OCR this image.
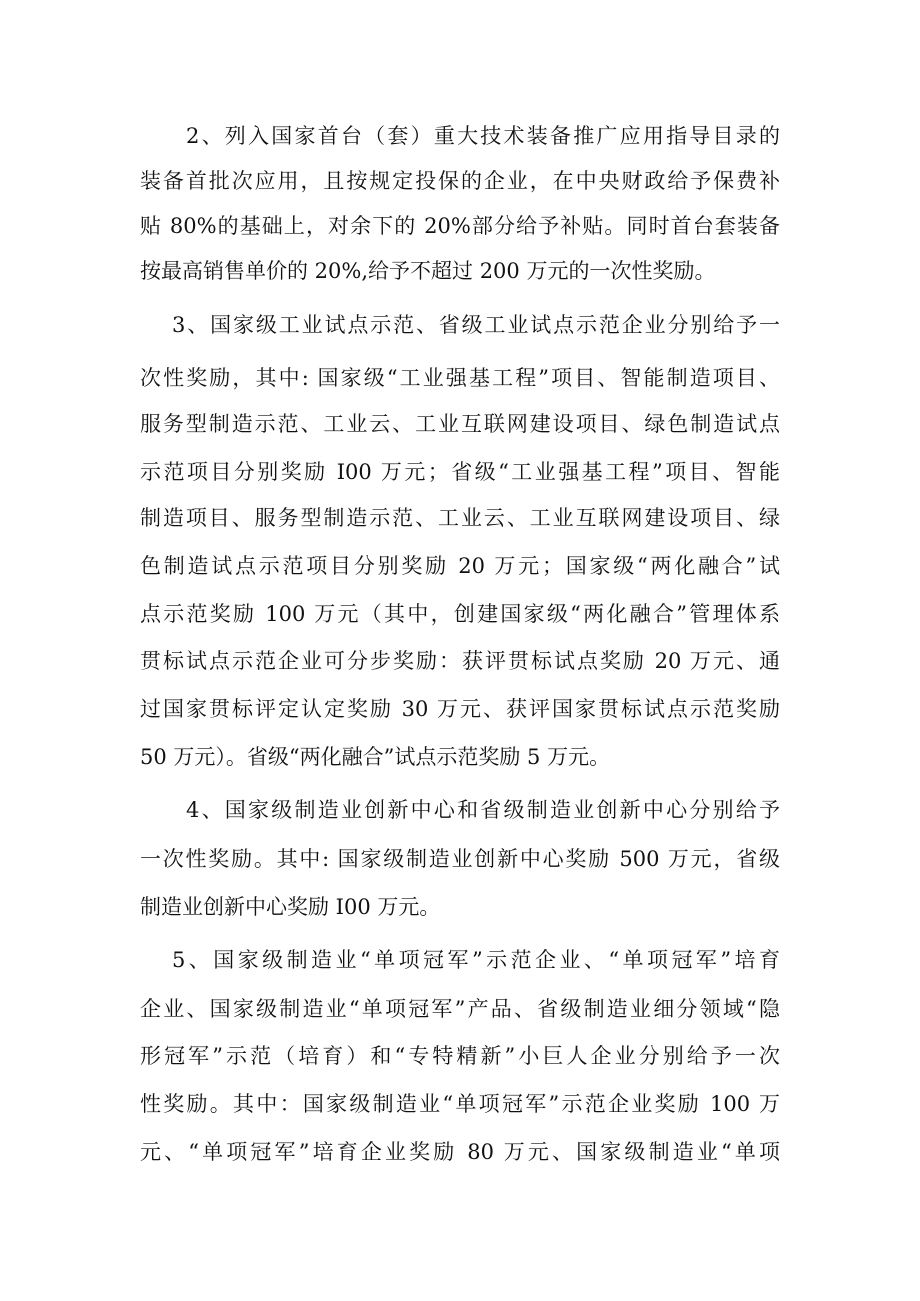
2、列入国家首台（套）重大技术装备推广应用指导目录的
装备首批次应用，且按规定投保的企业，在中央财政给予保费补
贴 80%的基础上，对余下的 20%部分给予补贴。同时首台套装备
按最高销售单价的 20%,给予不超过 200 万元的一次性奖励。
3、国家级工业试点示范、省级工业试点示范企业分别给予一
次性奖励，其中: 国家级“工业强基工程”项目、智能制造项目、
服务型制造示范、工业云、工业互联网建设项目、绿色制造试点
示范项目分别奖励 I00 万元；省级“工业强基工程”项目、智能
制造项目、服务型制造示范、工业云、工业互联网建设项目、绿
色制造试点示范项目分别奖励 20 万元；国家级“两化融合”试
点示范奖励 100 万元（其中，创建国家级“两化融合”管理体系
贯标试点示范企业可分步奖励：获评贯标试点奖励 20 万元、通
过国家贯标评定认定奖励 30 万元、获评国家贯标试点示范奖励
50 万元）。省级“两化融合”试点示范奖励 5 万元。
4、国家级制造业创新中心和省级制造业创新中心分别给予
一次性奖励。其中: 国家级制造业创新中心奖励 500 万元，省级
制造业创新中心奖励 I00 万元。
5、国家级制造业“单项冠军”示范企业、“单项冠军”培育
企业、国家级制造业“单项冠军”产品、省级制造业细分领域“隐
形冠军”示范（培育）和“专特精新”小巨人企业分别给予一次
性奖励。其中：国家级制造业“单项冠军”示范企业奖励 100 万
元、“单项冠军”培育企业奖励 80 万元、国家级制造业“单项
